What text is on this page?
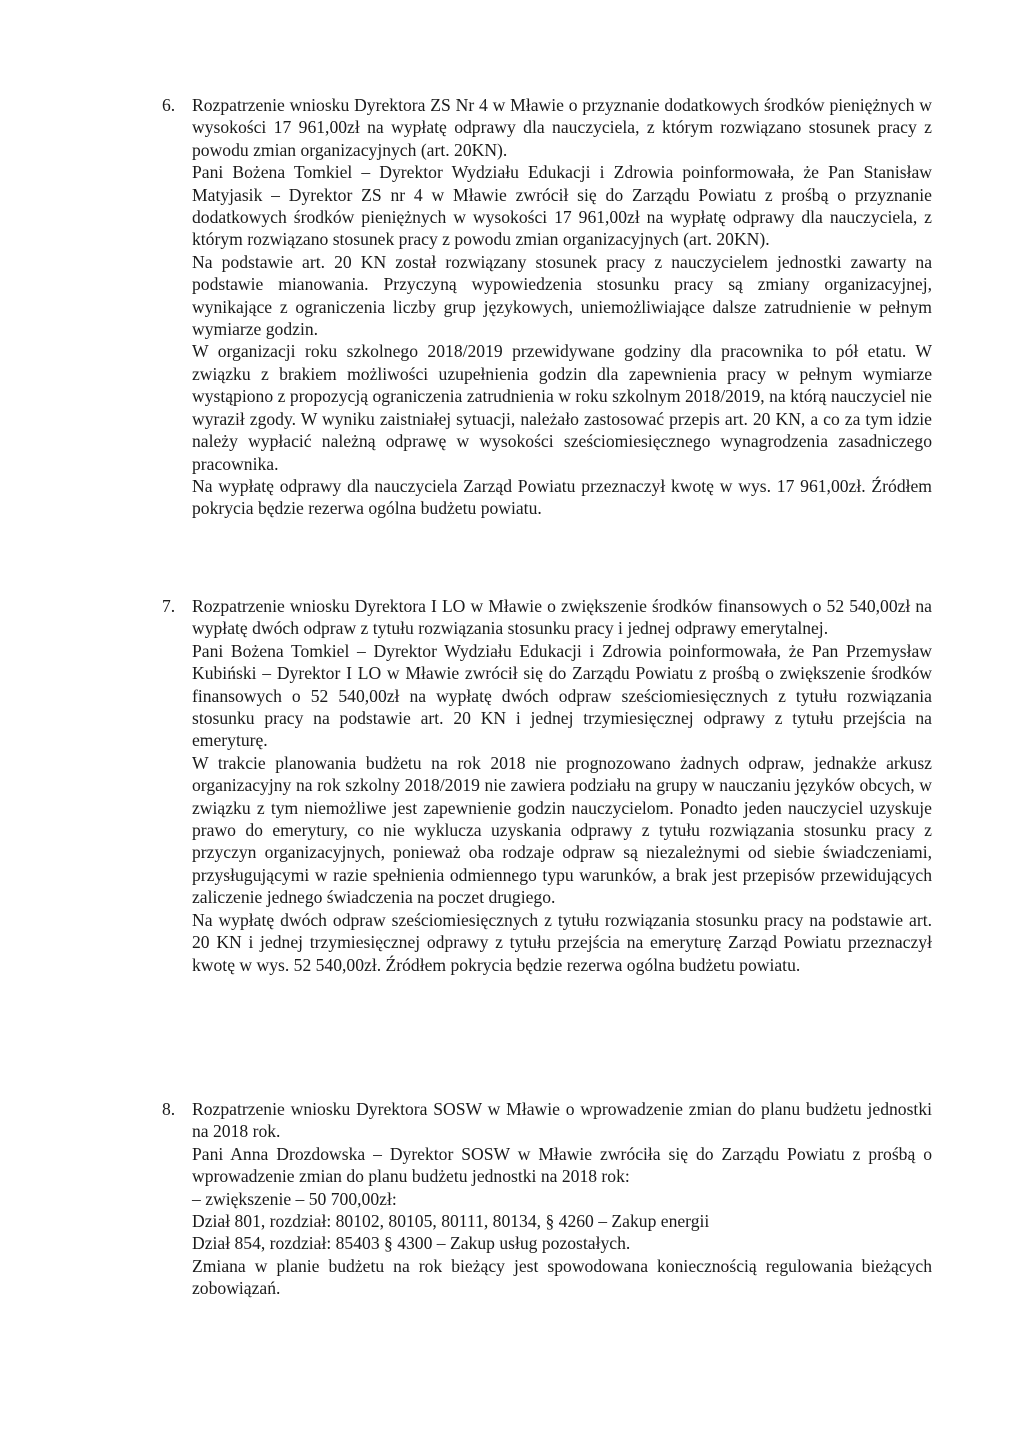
6. Rozpatrzenie wniosku Dyrektora ZS Nr 4 w Mławie o przyznanie dodatkowych środków pieniężnych w wysokości 17 961,00zł na wypłatę odprawy dla nauczyciela, z którym rozwiązano stosunek pracy z powodu zmian organizacyjnych (art. 20KN).

Pani Bożena Tomkiel – Dyrektor Wydziału Edukacji i Zdrowia poinformowała, że Pan Stanisław Matyjasik – Dyrektor ZS nr 4 w Mławie zwrócił się do Zarządu Powiatu z prośbą o przyznanie dodatkowych środków pieniężnych w wysokości 17 961,00zł na wypłatę odprawy dla nauczyciela, z którym rozwiązano stosunek pracy z powodu zmian organizacyjnych (art. 20KN).

Na podstawie art. 20 KN został rozwiązany stosunek pracy z nauczycielem jednostki zawarty na podstawie mianowania. Przyczyną wypowiedzenia stosunku pracy są zmiany organizacyjnej, wynikające z ograniczenia liczby grup językowych, uniemożliwiające dalsze zatrudnienie w pełnym wymiarze godzin.

W organizacji roku szkolnego 2018/2019 przewidywane godziny dla pracownika to pół etatu. W związku z brakiem możliwości uzupełnienia godzin dla zapewnienia pracy w pełnym wymiarze wystąpiono z propozycją ograniczenia zatrudnienia w roku szkolnym 2018/2019, na którą nauczyciel nie wyraził zgody. W wyniku zaistniałej sytuacji, należało zastosować przepis art. 20 KN, a co za tym idzie należy wypłacić należną odprawę w wysokości sześciomiesięcznego wynagrodzenia zasadniczego pracownika.

Na wypłatę odprawy dla nauczyciela Zarząd Powiatu przeznaczył kwotę w wys. 17 961,00zł. Źródłem pokrycia będzie rezerwa ogólna budżetu powiatu.

7. Rozpatrzenie wniosku Dyrektora I LO w Mławie o zwiększenie środków finansowych o 52 540,00zł na wypłatę dwóch odpraw z tytułu rozwiązania stosunku pracy i jednej odprawy emerytalnej.

Pani Bożena Tomkiel – Dyrektor Wydziału Edukacji i Zdrowia poinformowała, że Pan Przemysław Kubiński – Dyrektor I LO w Mławie zwrócił się do Zarządu Powiatu z prośbą o zwiększenie środków finansowych o 52 540,00zł na wypłatę dwóch odpraw sześciomiesięcznych z tytułu rozwiązania stosunku pracy na podstawie art. 20 KN i jednej trzymiesięcznej odprawy z tytułu przejścia na emeryturę.

W trakcie planowania budżetu na rok 2018 nie prognozowano żadnych odpraw, jednakże arkusz organizacyjny na rok szkolny 2018/2019 nie zawiera podziału na grupy w nauczaniu języków obcych, w związku z tym niemożliwe jest zapewnienie godzin nauczycielom. Ponadto jeden nauczyciel uzyskuje prawo do emerytury, co nie wyklucza uzyskania odprawy z tytułu rozwiązania stosunku pracy z przyczyn organizacyjnych, ponieważ oba rodzaje odpraw są niezależnymi od siebie świadczeniami, przysługującymi w razie spełnienia odmiennego typu warunków, a brak jest przepisów przewidujących zaliczenie jednego świadczenia na poczet drugiego.

Na wypłatę dwóch odpraw sześciomiesięcznych z tytułu rozwiązania stosunku pracy na podstawie art. 20 KN i jednej trzymiesięcznej odprawy z tytułu przejścia na emeryturę Zarząd Powiatu przeznaczył kwotę w wys. 52 540,00zł. Źródłem pokrycia będzie rezerwa ogólna budżetu powiatu.

8. Rozpatrzenie wniosku Dyrektora SOSW w Mławie o wprowadzenie zmian do planu budżetu jednostki na 2018 rok.

Pani Anna Drozdowska – Dyrektor SOSW w Mławie zwróciła się do Zarządu Powiatu z prośbą o wprowadzenie zmian do planu budżetu jednostki na 2018 rok:

– zwiększenie – 50 700,00zł:

Dział 801, rozdział: 80102, 80105, 80111, 80134, § 4260 – Zakup energii

Dział 854, rozdział: 85403 § 4300 – Zakup usług pozostałych.

Zmiana w planie budżetu na rok bieżący jest spowodowana koniecznością regulowania bieżących zobowiązań.
